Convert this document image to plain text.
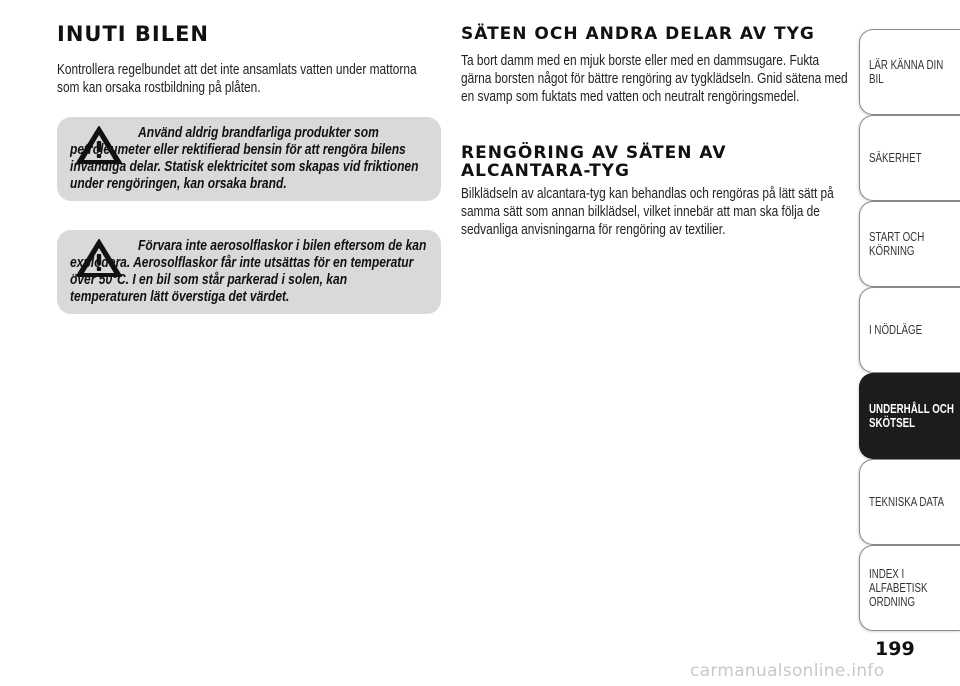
INUTI BILEN

Kontrollera regelbundet att det inte ansamlats vatten under mattorna som kan orsaka rostbildning på plåten.

Använd aldrig brandfarliga produkter som petroleumeter eller rektifierad bensin för att rengöra bilens invändiga delar. Statisk elektricitet som skapas vid friktionen under rengöringen, kan orsaka brand.

Förvara inte aerosolflaskor i bilen eftersom de kan explodera. Aerosolflaskor får inte utsättas för en temperatur över 50°C. I en bil som står parkerad i solen, kan temperaturen lätt överstiga det värdet.

SÄTEN OCH ANDRA DELAR AV TYG

Ta bort damm med en mjuk borste eller med en dammsugare. Fukta gärna borsten något för bättre rengöring av tygklädseln. Gnid sätena med en svamp som fuktats med vatten och neutralt rengöringsmedel.

RENGÖRING AV SÄTEN AV ALCANTARA-TYG

Bilklädseln av alcantara-tyg kan behandlas och rengöras på lätt sätt på samma sätt som annan bilklädsel, vilket innebär att man ska följa de sedvanliga anvisningarna för rengöring av textilier.

LÄR KÄNNA DIN BIL
SÄKERHET
START OCH KÖRNING
I NÖDLÄGE
UNDERHÅLL OCH SKÖTSEL
TEKNISKA DATA
INDEX I ALFABETISK ORDNING
199
carmanualsonline.info
